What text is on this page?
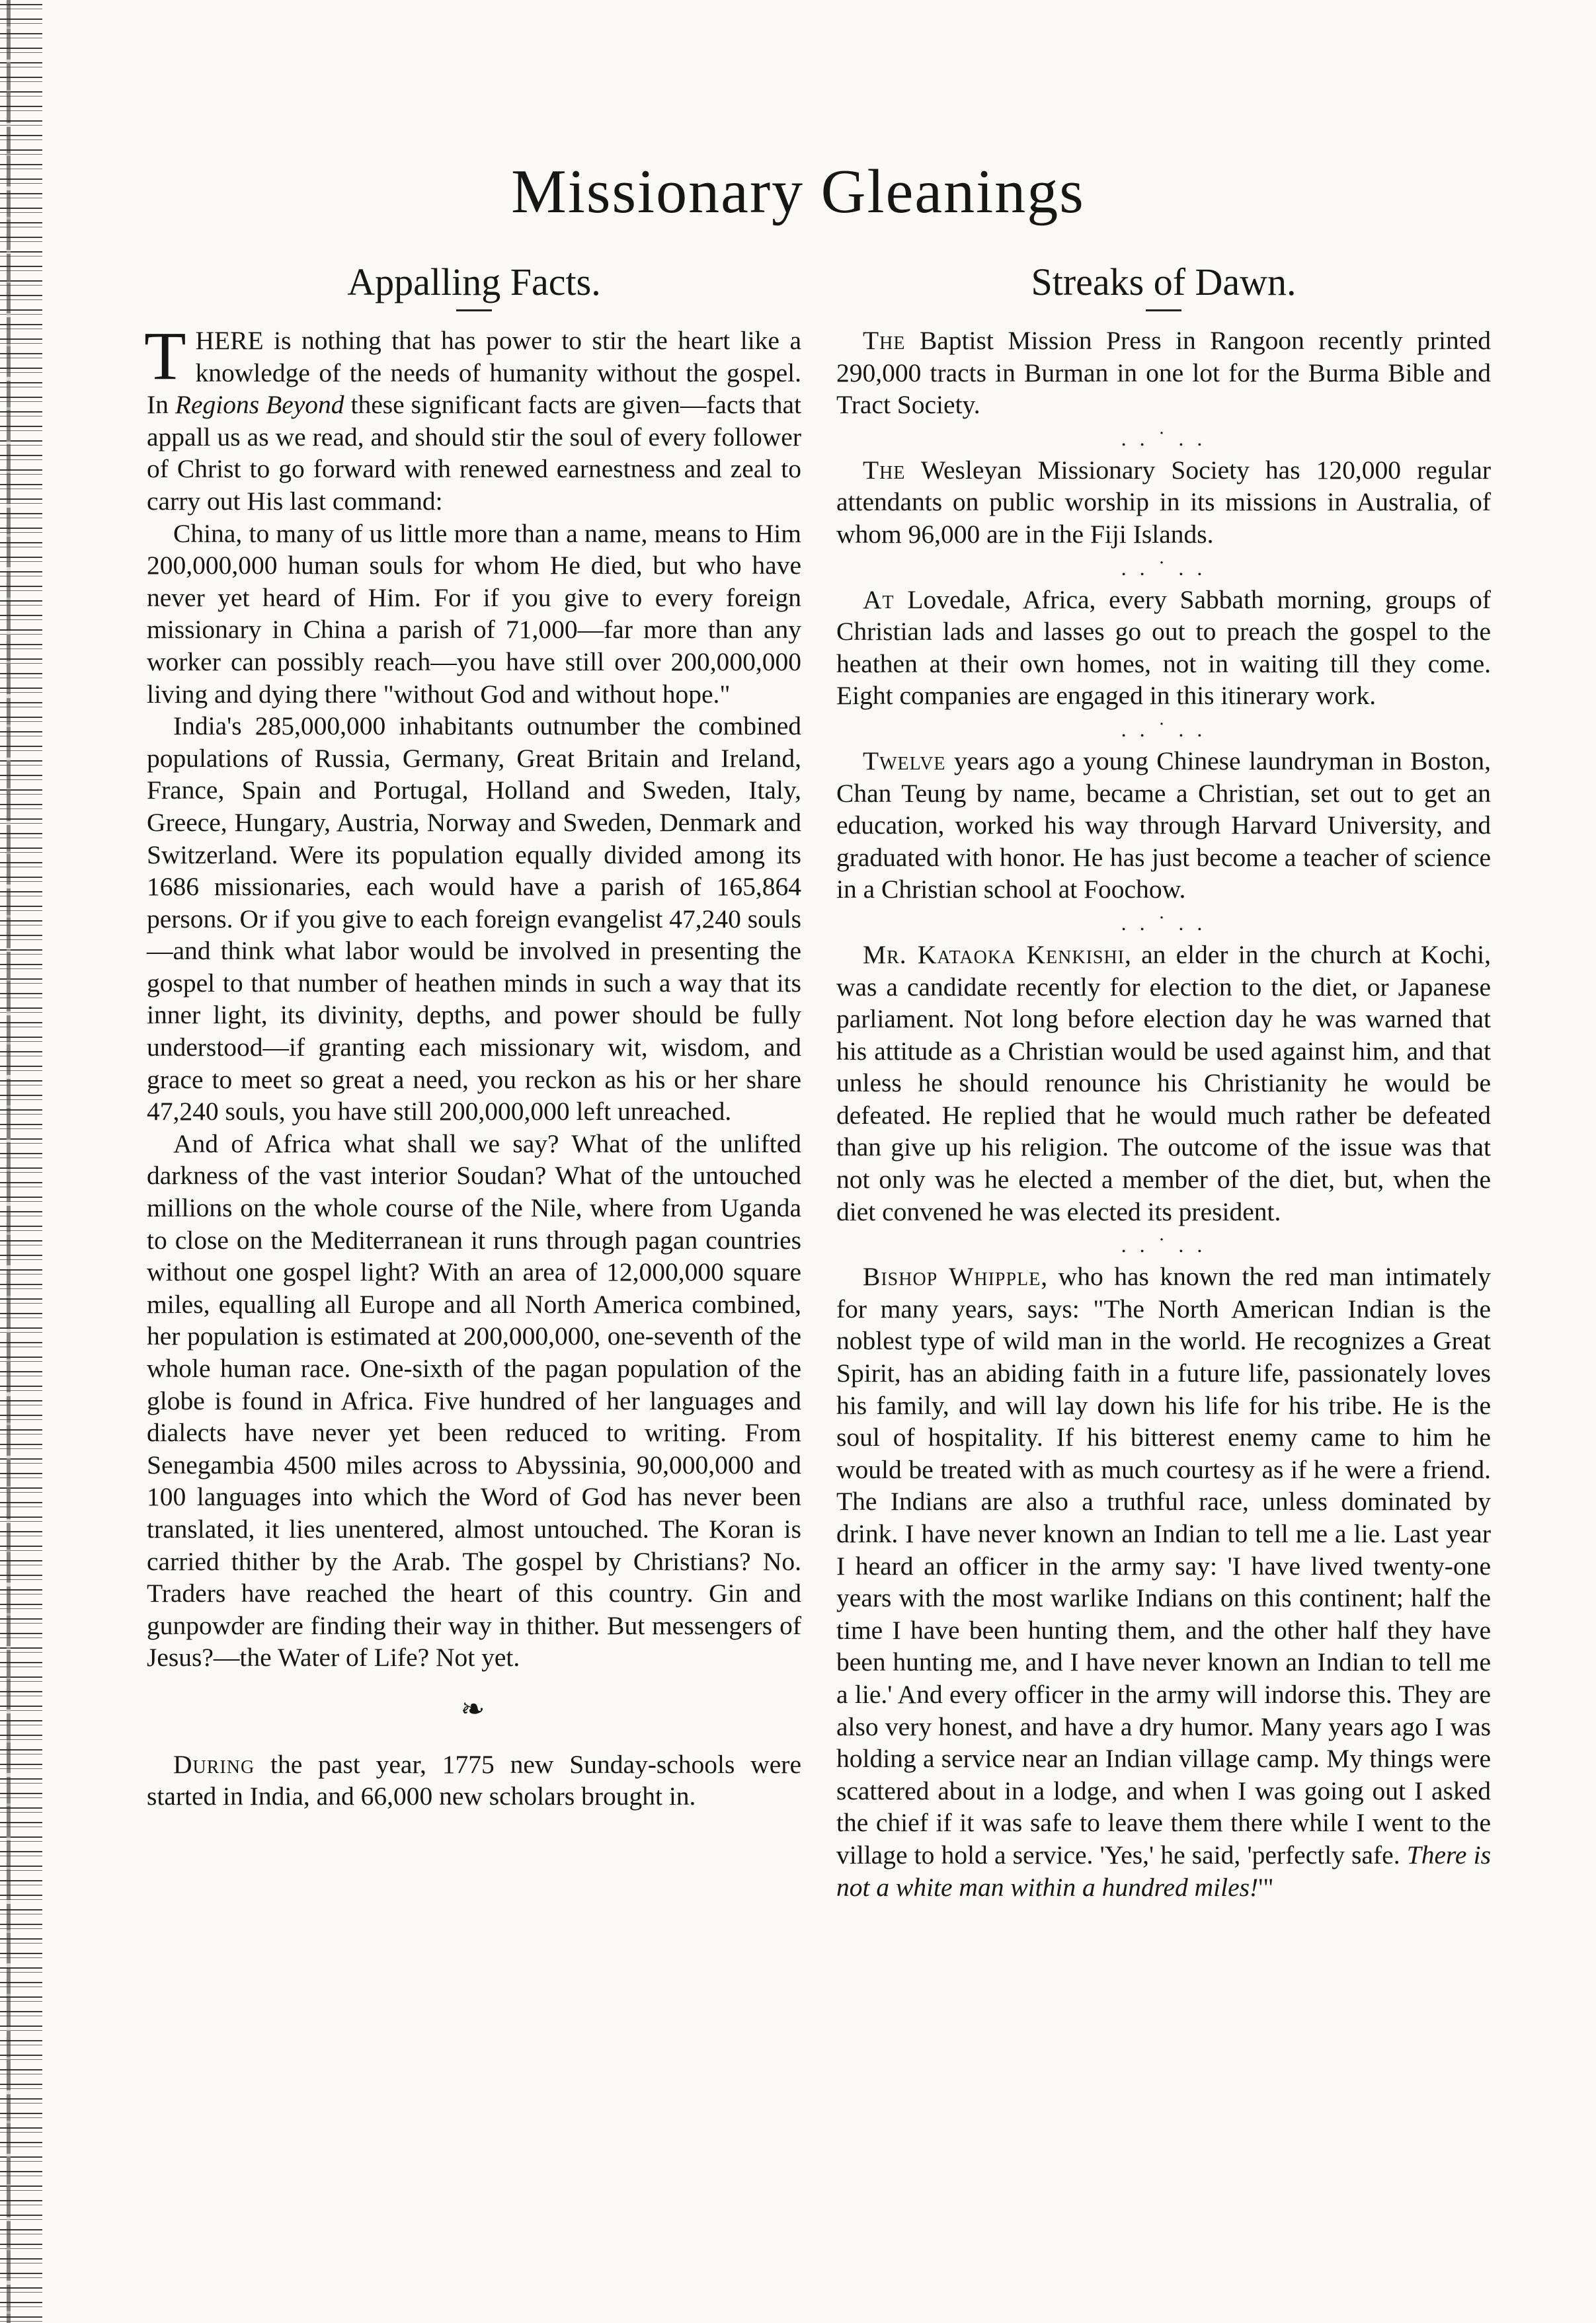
Missionary Gleanings
Appalling Facts.

THERE is nothing that has power to stir the heart like a knowledge of the needs of humanity without the gospel. In Regions Beyond these significant facts are given—facts that appall us as we read, and should stir the soul of every follower of Christ to go forward with renewed earnestness and zeal to carry out His last command:

China, to many of us little more than a name, means to Him 200,000,000 human souls for whom He died, but who have never yet heard of Him. For if you give to every foreign missionary in China a parish of 71,000—far more than any worker can possibly reach—you have still over 200,000,000 living and dying there "without God and without hope."

India's 285,000,000 inhabitants outnumber the combined populations of Russia, Germany, Great Britain and Ireland, France, Spain and Portugal, Holland and Sweden, Italy, Greece, Hungary, Austria, Norway and Sweden, Denmark and Switzerland. Were its population equally divided among its 1686 missionaries, each would have a parish of 165,864 persons. Or if you give to each foreign evangelist 47,240 souls—and think what labor would be involved in presenting the gospel to that number of heathen minds in such a way that its inner light, its divinity, depths, and power should be fully understood—if granting each missionary wit, wisdom, and grace to meet so great a need, you reckon as his or her share 47,240 souls, you have still 200,000,000 left unreached.

And of Africa what shall we say? What of the unlifted darkness of the vast interior Soudan? What of the untouched millions on the whole course of the Nile, where from Uganda to close on the Mediterranean it runs through pagan countries without one gospel light? With an area of 12,000,000 square miles, equalling all Europe and all North America combined, her population is estimated at 200,000,000, one-seventh of the whole human race. One-sixth of the pagan population of the globe is found in Africa. Five hundred of her languages and dialects have never yet been reduced to writing. From Senegambia 4500 miles across to Abyssinia, 90,000,000 and 100 languages into which the Word of God has never been translated, it lies unentered, almost untouched. The Koran is carried thither by the Arab. The gospel by Christians? No. Traders have reached the heart of this country. Gin and gunpowder are finding their way in thither. But messengers of Jesus?—the Water of Life? Not yet.

❧

During the past year, 1775 new Sunday-schools were started in India, and 66,000 new scholars brought in.

Streaks of Dawn.

The Baptist Mission Press in Rangoon recently printed 290,000 tracts in Burman in one lot for the Burma Bible and Tract Society.

. . ˙ . .

The Wesleyan Missionary Society has 120,000 regular attendants on public worship in its missions in Australia, of whom 96,000 are in the Fiji Islands.

. . ˙ . .

At Lovedale, Africa, every Sabbath morning, groups of Christian lads and lasses go out to preach the gospel to the heathen at their own homes, not in waiting till they come. Eight companies are engaged in this itinerary work.

. . ˙ . .

Twelve years ago a young Chinese laundryman in Boston, Chan Teung by name, became a Christian, set out to get an education, worked his way through Harvard University, and graduated with honor. He has just become a teacher of science in a Christian school at Foochow.

. . ˙ . .

Mr. Kataoka Kenkishi, an elder in the church at Kochi, was a candidate recently for election to the diet, or Japanese parliament. Not long before election day he was warned that his attitude as a Christian would be used against him, and that unless he should renounce his Christianity he would be defeated. He replied that he would much rather be defeated than give up his religion. The outcome of the issue was that not only was he elected a member of the diet, but, when the diet convened he was elected its president.

. . ˙ . .

Bishop Whipple, who has known the red man intimately for many years, says: "The North American Indian is the noblest type of wild man in the world. He recognizes a Great Spirit, has an abiding faith in a future life, passionately loves his family, and will lay down his life for his tribe. He is the soul of hospitality. If his bitterest enemy came to him he would be treated with as much courtesy as if he were a friend. The Indians are also a truthful race, unless dominated by drink. I have never known an Indian to tell me a lie. Last year I heard an officer in the army say: 'I have lived twenty-one years with the most warlike Indians on this continent; half the time I have been hunting them, and the other half they have been hunting me, and I have never known an Indian to tell me a lie.' And every officer in the army will indorse this. They are also very honest, and have a dry humor. Many years ago I was holding a service near an Indian village camp. My things were scattered about in a lodge, and when I was going out I asked the chief if it was safe to leave them there while I went to the village to hold a service. 'Yes,' he said, 'perfectly safe. There is not a white man within a hundred miles!'"
